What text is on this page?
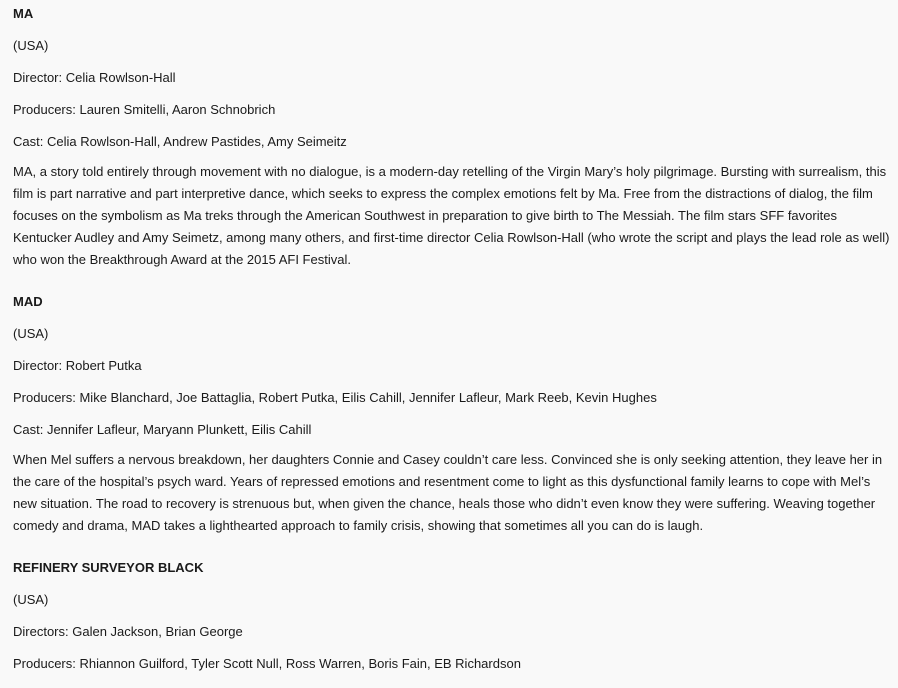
MA

(USA)

Director: Celia Rowlson-Hall

Producers: Lauren Smitelli, Aaron Schnobrich

Cast: Celia Rowlson-Hall, Andrew Pastides, Amy Seimeitz

MA, a story told entirely through movement with no dialogue, is a modern-day retelling of the Virgin Mary’s holy pilgrimage. Bursting with surrealism, this film is part narrative and part interpretive dance, which seeks to express the complex emotions felt by Ma. Free from the distractions of dialog, the film focuses on the symbolism as Ma treks through the American Southwest in preparation to give birth to The Messiah. The film stars SFF favorites Kentucker Audley and Amy Seimetz, among many others, and first-time director Celia Rowlson-Hall (who wrote the script and plays the lead role as well) who won the Breakthrough Award at the 2015 AFI Festival.

MAD

(USA)

Director: Robert Putka

Producers: Mike Blanchard, Joe Battaglia, Robert Putka, Eilis Cahill, Jennifer Lafleur, Mark Reeb, Kevin Hughes

Cast: Jennifer Lafleur, Maryann Plunkett, Eilis Cahill

When Mel suffers a nervous breakdown, her daughters Connie and Casey couldn’t care less. Convinced she is only seeking attention, they leave her in the care of the hospital’s psych ward. Years of repressed emotions and resentment come to light as this dysfunctional family learns to cope with Mel’s new situation. The road to recovery is strenuous but, when given the chance, heals those who didn’t even know they were suffering. Weaving together comedy and drama, MAD takes a lighthearted approach to family crisis, showing that sometimes all you can do is laugh.

REFINERY SURVEYOR BLACK

(USA)

Directors: Galen Jackson, Brian George

Producers: Rhiannon Guilford, Tyler Scott Null, Ross Warren, Boris Fain, EB Richardson
